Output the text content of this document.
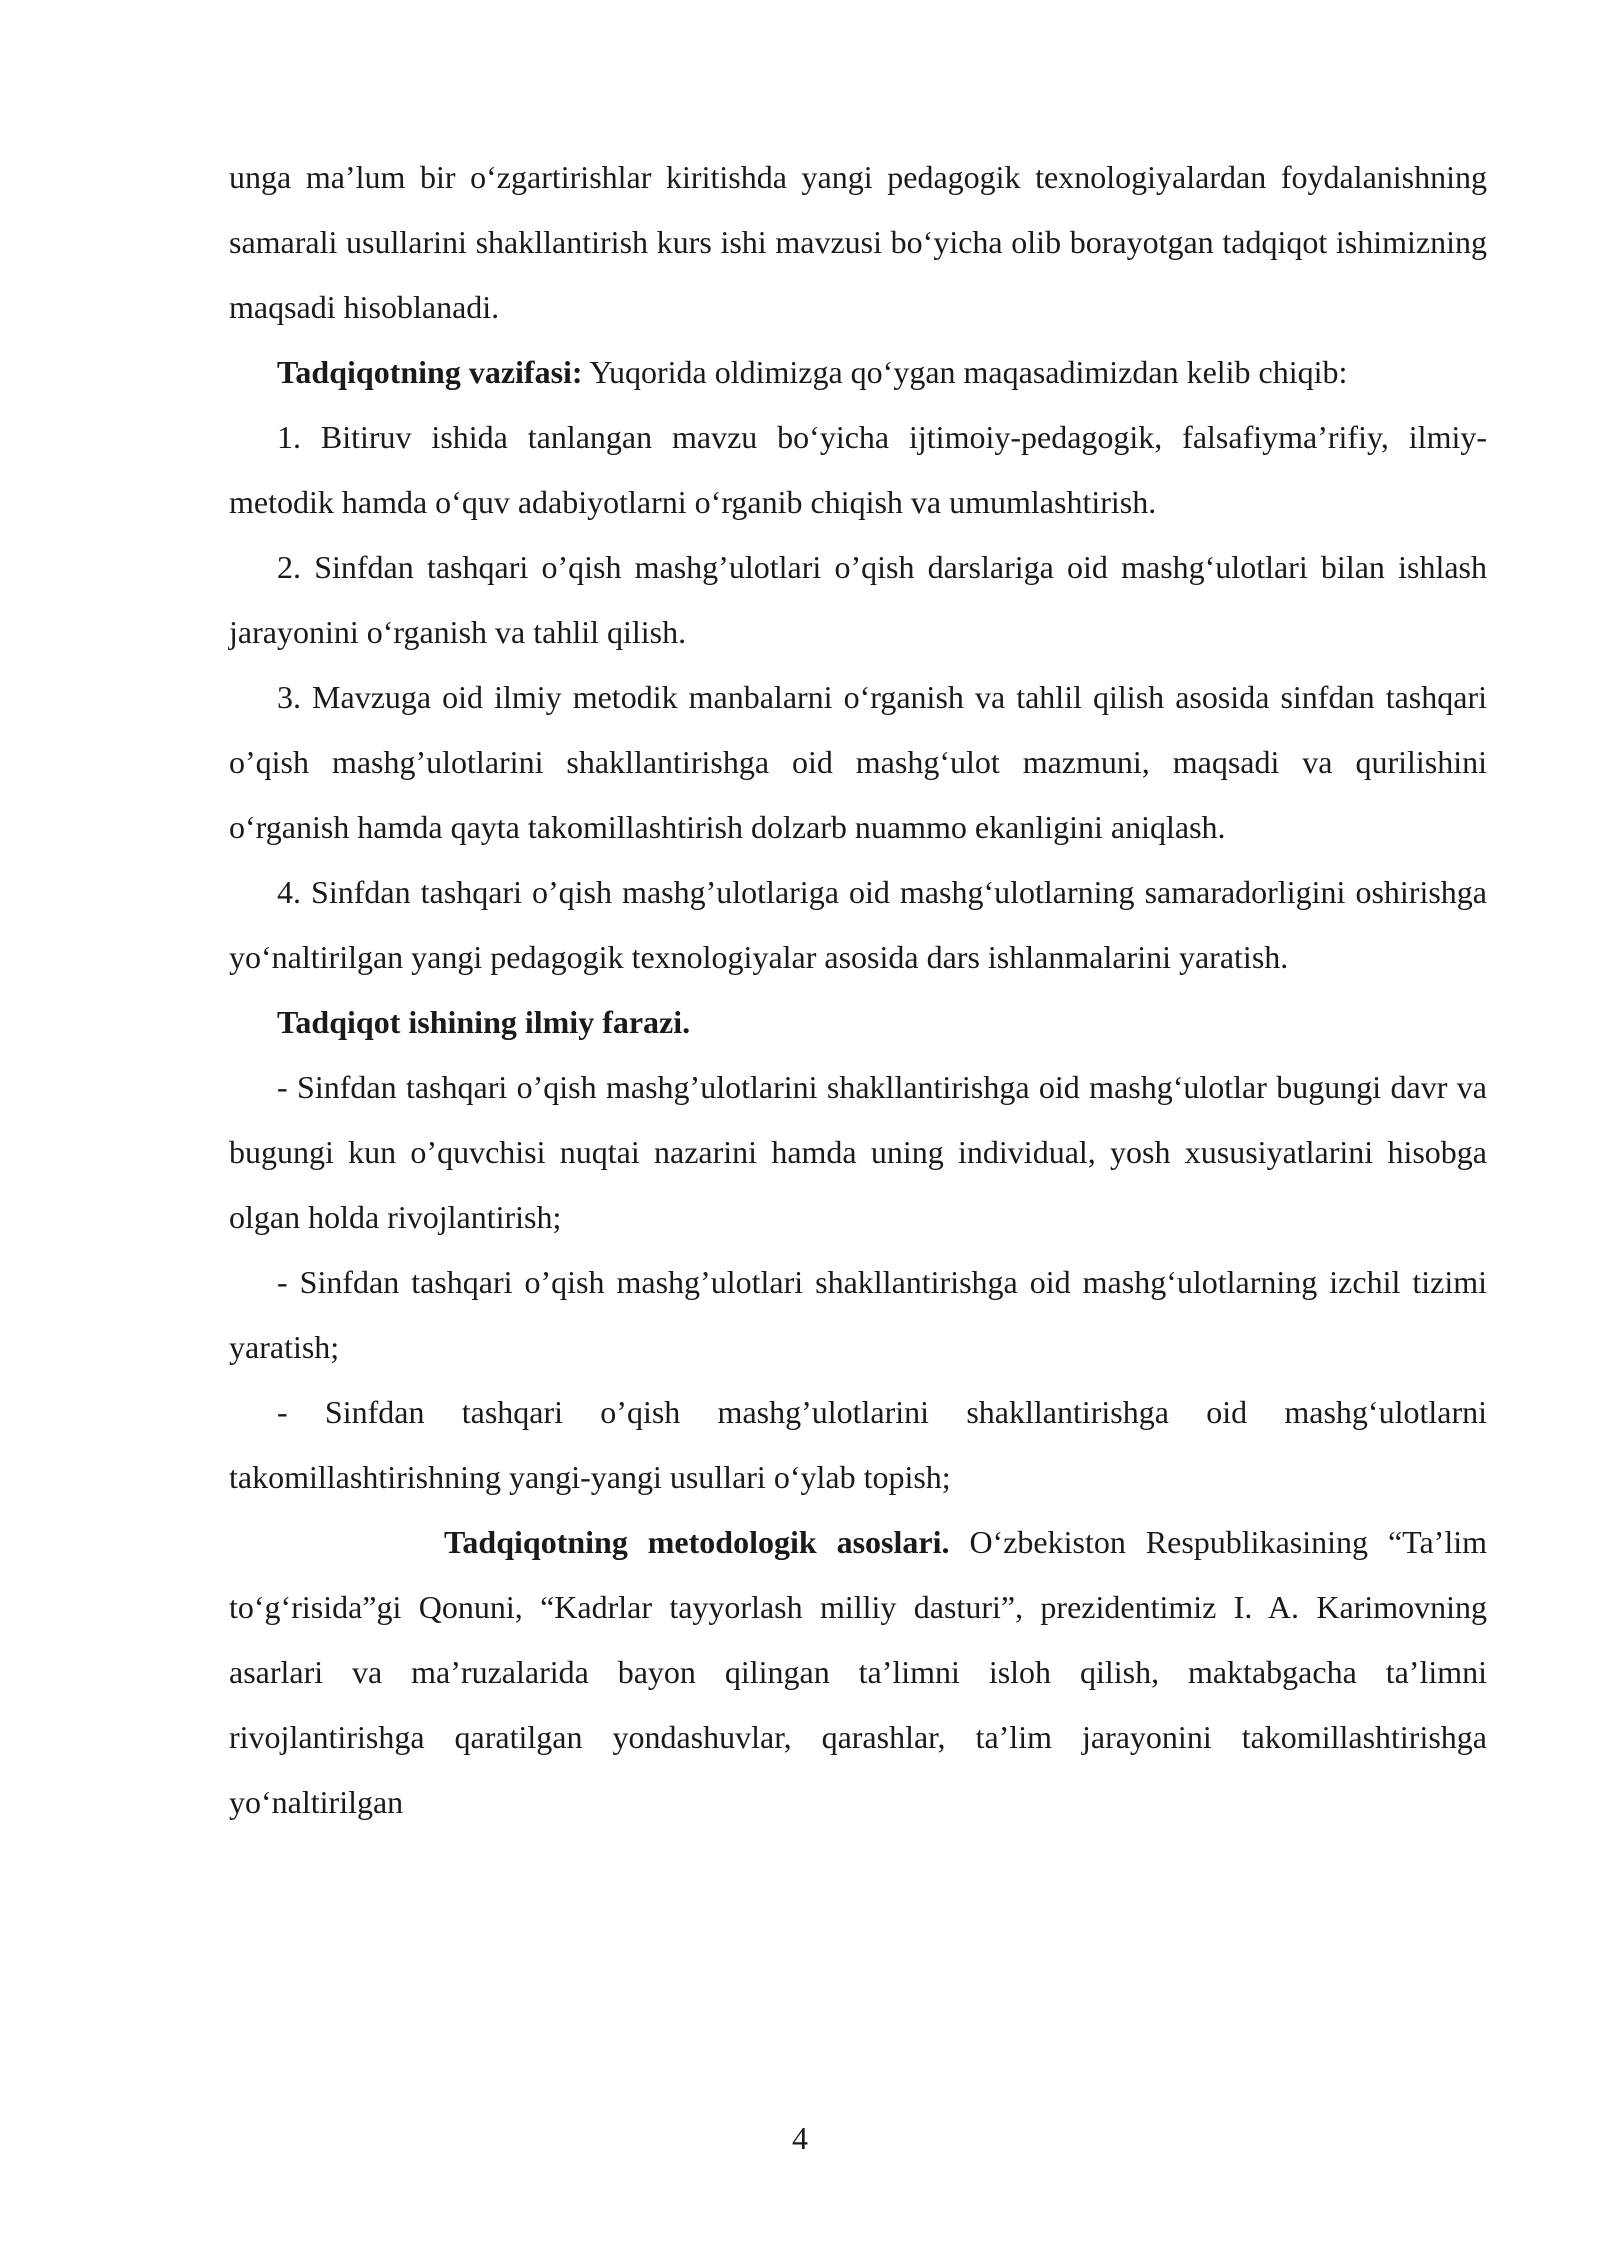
unga ma’lum bir o‘zgartirishlar kiritishda yangi pedagogik texnologiyalardan foydalanishning samarali usullarini shakllantirish kurs ishi mavzusi bo‘yicha olib borayotgan tadqiqot ishimizning maqsadi hisoblanadi.

Tadqiqotning vazifasi: Yuqorida oldimizga qo‘ygan maqasadimizdan kelib chiqib:

1. Bitiruv ishida tanlangan mavzu bo‘yicha ijtimoiy-pedagogik, falsafiyma’rifiy, ilmiy-metodik hamda o‘quv adabiyotlarni o‘rganib chiqish va umumlashtirish.

2. Sinfdan tashqari o’qish mashg’ulotlari o’qish darslariga oid mashg‘ulotlari bilan ishlash jarayonini o‘rganish va tahlil qilish.

3. Mavzuga oid ilmiy metodik manbalarni o‘rganish va tahlil qilish asosida sinfdan tashqari o’qish mashg’ulotlarini shakllantirishga oid mashg‘ulot mazmuni, maqsadi va qurilishini o‘rganish hamda qayta takomillashtirish dolzarb nuammo ekanligini aniqlash.

4. Sinfdan tashqari o’qish mashg’ulotlariga oid mashg‘ulotlarning samaradorligini oshirishga yo‘naltirilgan yangi pedagogik texnologiyalar asosida dars ishlanmalarini yaratish.

Tadqiqot ishining ilmiy farazi.

- Sinfdan tashqari o’qish mashg’ulotlarini shakllantirishga oid mashg‘ulotlar bugungi davr va bugungi kun o’quvchisi nuqtai nazarini hamda uning individual, yosh xususiyatlarini hisobga olgan holda rivojlantirish;

- Sinfdan tashqari o’qish mashg’ulotlari shakllantirishga oid mashg‘ulotlarning izchil tizimi yaratish;

- Sinfdan tashqari o’qish mashg’ulotlarini shakllantirishga oid mashg‘ulotlarni takomillashtirishning yangi-yangi usullari o‘ylab topish;

Tadqiqotning metodologik asoslari. O‘zbekiston Respublikasining “Ta’lim to‘g‘risida”gi Qonuni, “Kadrlar tayyorlash milliy dasturi”, prezidentimiz I. A. Karimovning asarlari va ma’ruzalarida bayon qilingan ta’limni isloh qilish, maktabgacha ta’limni rivojlantirishga qaratilgan yondashuvlar, qarashlar, ta’lim jarayonini takomillashtirishga yo‘naltirilgan

4
